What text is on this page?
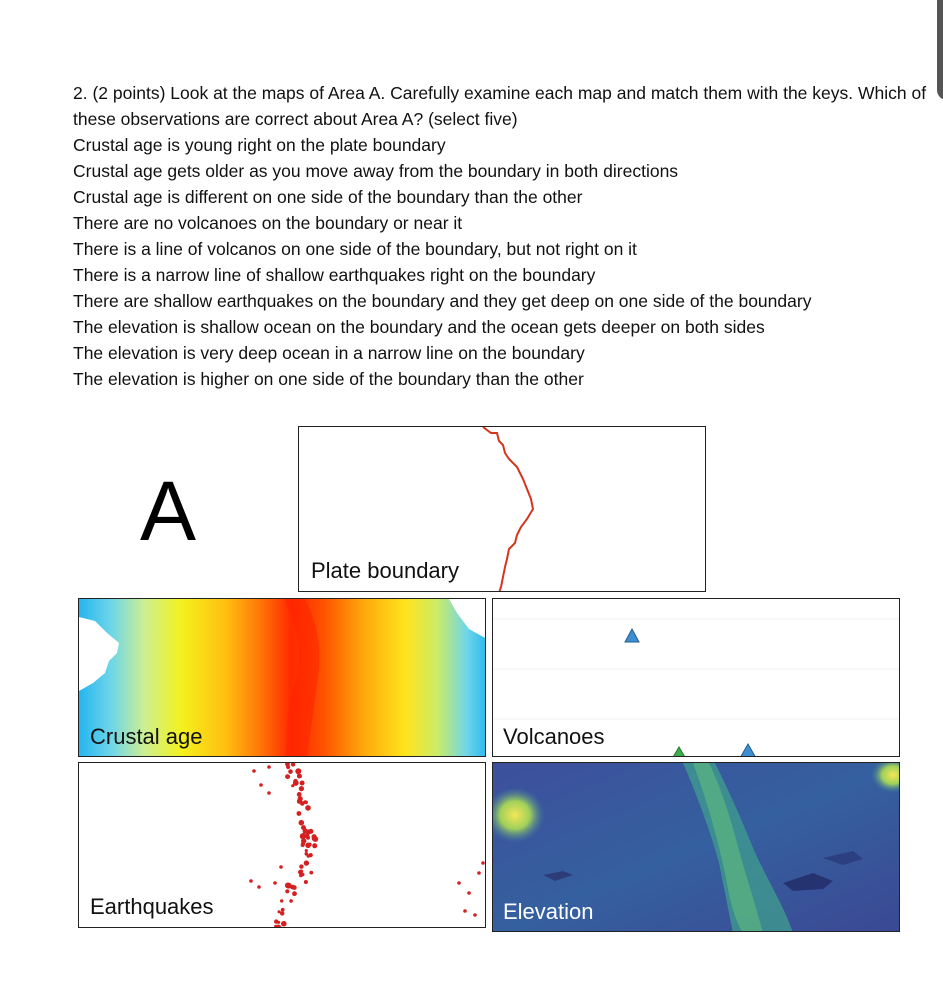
2. (2 points) Look at the maps of Area A. Carefully examine each map and match them with the keys. Which of these observations are correct about Area A? (select five)
Crustal age is young right on the plate boundary
Crustal age gets older as you move away from the boundary in both directions
Crustal age is different on one side of the boundary than the other
There are no volcanoes on the boundary or near it
There is a line of volcanos on one side of the boundary, but not right on it
There is a narrow line of shallow earthquakes right on the boundary
There are shallow earthquakes on the boundary and they get deep on one side of the boundary
The elevation is shallow ocean on the boundary and the ocean gets deeper on both sides
The elevation is very deep ocean in a narrow line on the boundary
The elevation is higher on one side of the boundary than the other
A
Plate boundary
Crustal age	Volcanoes
Earthquakes	Elevation
